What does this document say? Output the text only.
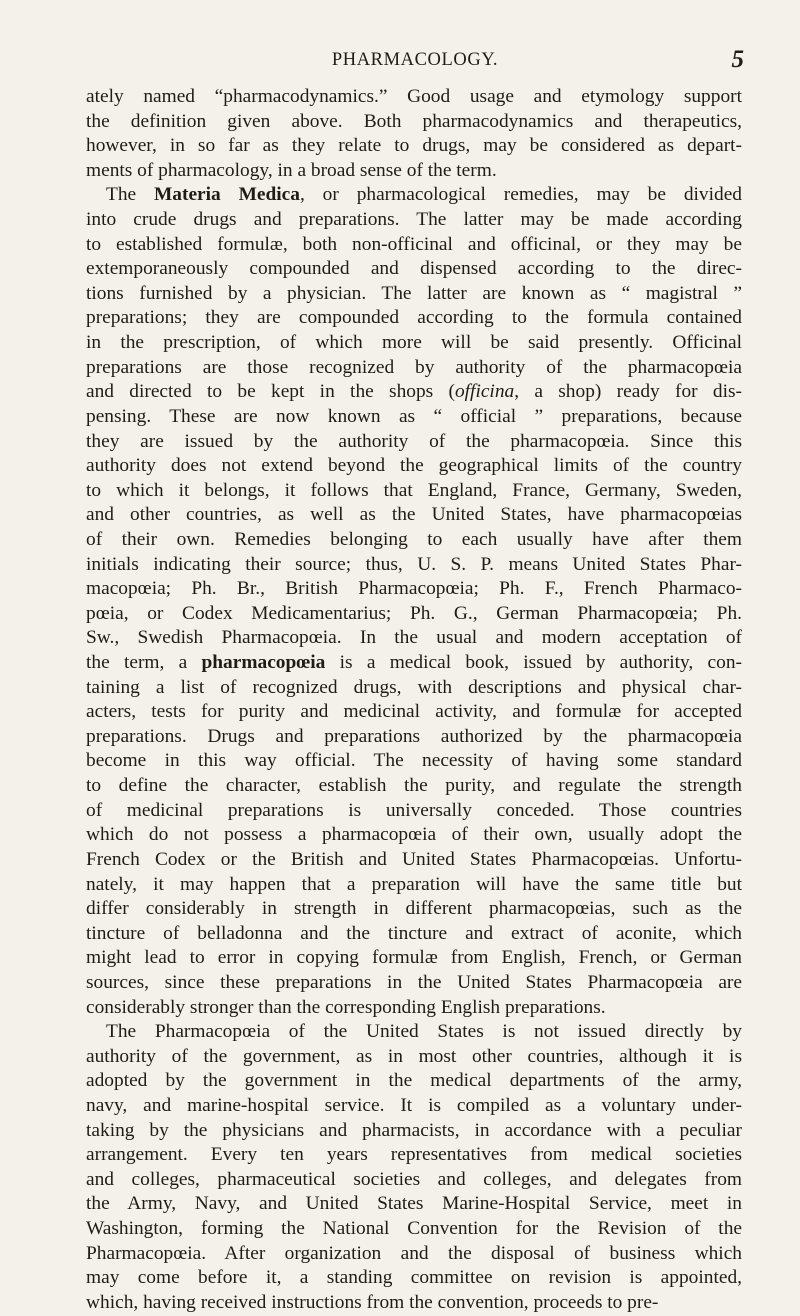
PHARMACOLOGY.	5
ately named “pharmacodynamics.” Good usage and etymology support
the definition given above. Both pharmacodynamics and therapeutics,
however, in so far as they relate to drugs, may be considered as depart-
ments of pharmacology, in a broad sense of the term.
The Materia Medica, or pharmacological remedies, may be divided
into crude drugs and preparations. The latter may be made according
to established formulæ, both non-officinal and officinal, or they may be
extemporaneously compounded and dispensed according to the direc-
tions furnished by a physician. The latter are known as “ magistral ”
preparations; they are compounded according to the formula contained
in the prescription, of which more will be said presently. Officinal
preparations are those recognized by authority of the pharmacopœia
and directed to be kept in the shops (officina, a shop) ready for dis-
pensing. These are now known as “ official ” preparations, because
they are issued by the authority of the pharmacopœia. Since this
authority does not extend beyond the geographical limits of the country
to which it belongs, it follows that England, France, Germany, Sweden,
and other countries, as well as the United States, have pharmacopœias
of their own. Remedies belonging to each usually have after them
initials indicating their source; thus, U. S. P. means United States Phar-
macopœia; Ph. Br., British Pharmacopœia; Ph. F., French Pharmaco-
pœia, or Codex Medicamentarius; Ph. G., German Pharmacopœia; Ph.
Sw., Swedish Pharmacopœia. In the usual and modern acceptation of
the term, a pharmacopœia is a medical book, issued by authority, con-
taining a list of recognized drugs, with descriptions and physical char-
acters, tests for purity and medicinal activity, and formulæ for accepted
preparations. Drugs and preparations authorized by the pharmacopœia
become in this way official. The necessity of having some standard
to define the character, establish the purity, and regulate the strength
of medicinal preparations is universally conceded. Those countries
which do not possess a pharmacopœia of their own, usually adopt the
French Codex or the British and United States Pharmacopœias. Unfortu-
nately, it may happen that a preparation will have the same title but
differ considerably in strength in different pharmacopœias, such as the
tincture of belladonna and the tincture and extract of aconite, which
might lead to error in copying formulæ from English, French, or German
sources, since these preparations in the United States Pharmacopœia are
considerably stronger than the corresponding English preparations.
The Pharmacopœia of the United States is not issued directly by
authority of the government, as in most other countries, although it is
adopted by the government in the medical departments of the army,
navy, and marine-hospital service. It is compiled as a voluntary under-
taking by the physicians and pharmacists, in accordance with a peculiar
arrangement. Every ten years representatives from medical societies
and colleges, pharmaceutical societies and colleges, and delegates from
the Army, Navy, and United States Marine-Hospital Service, meet in
Washington, forming the National Convention for the Revision of the
Pharmacopœia. After organization and the disposal of business which
may come before it, a standing committee on revision is appointed,
which, having received instructions from the convention, proceeds to pre-
